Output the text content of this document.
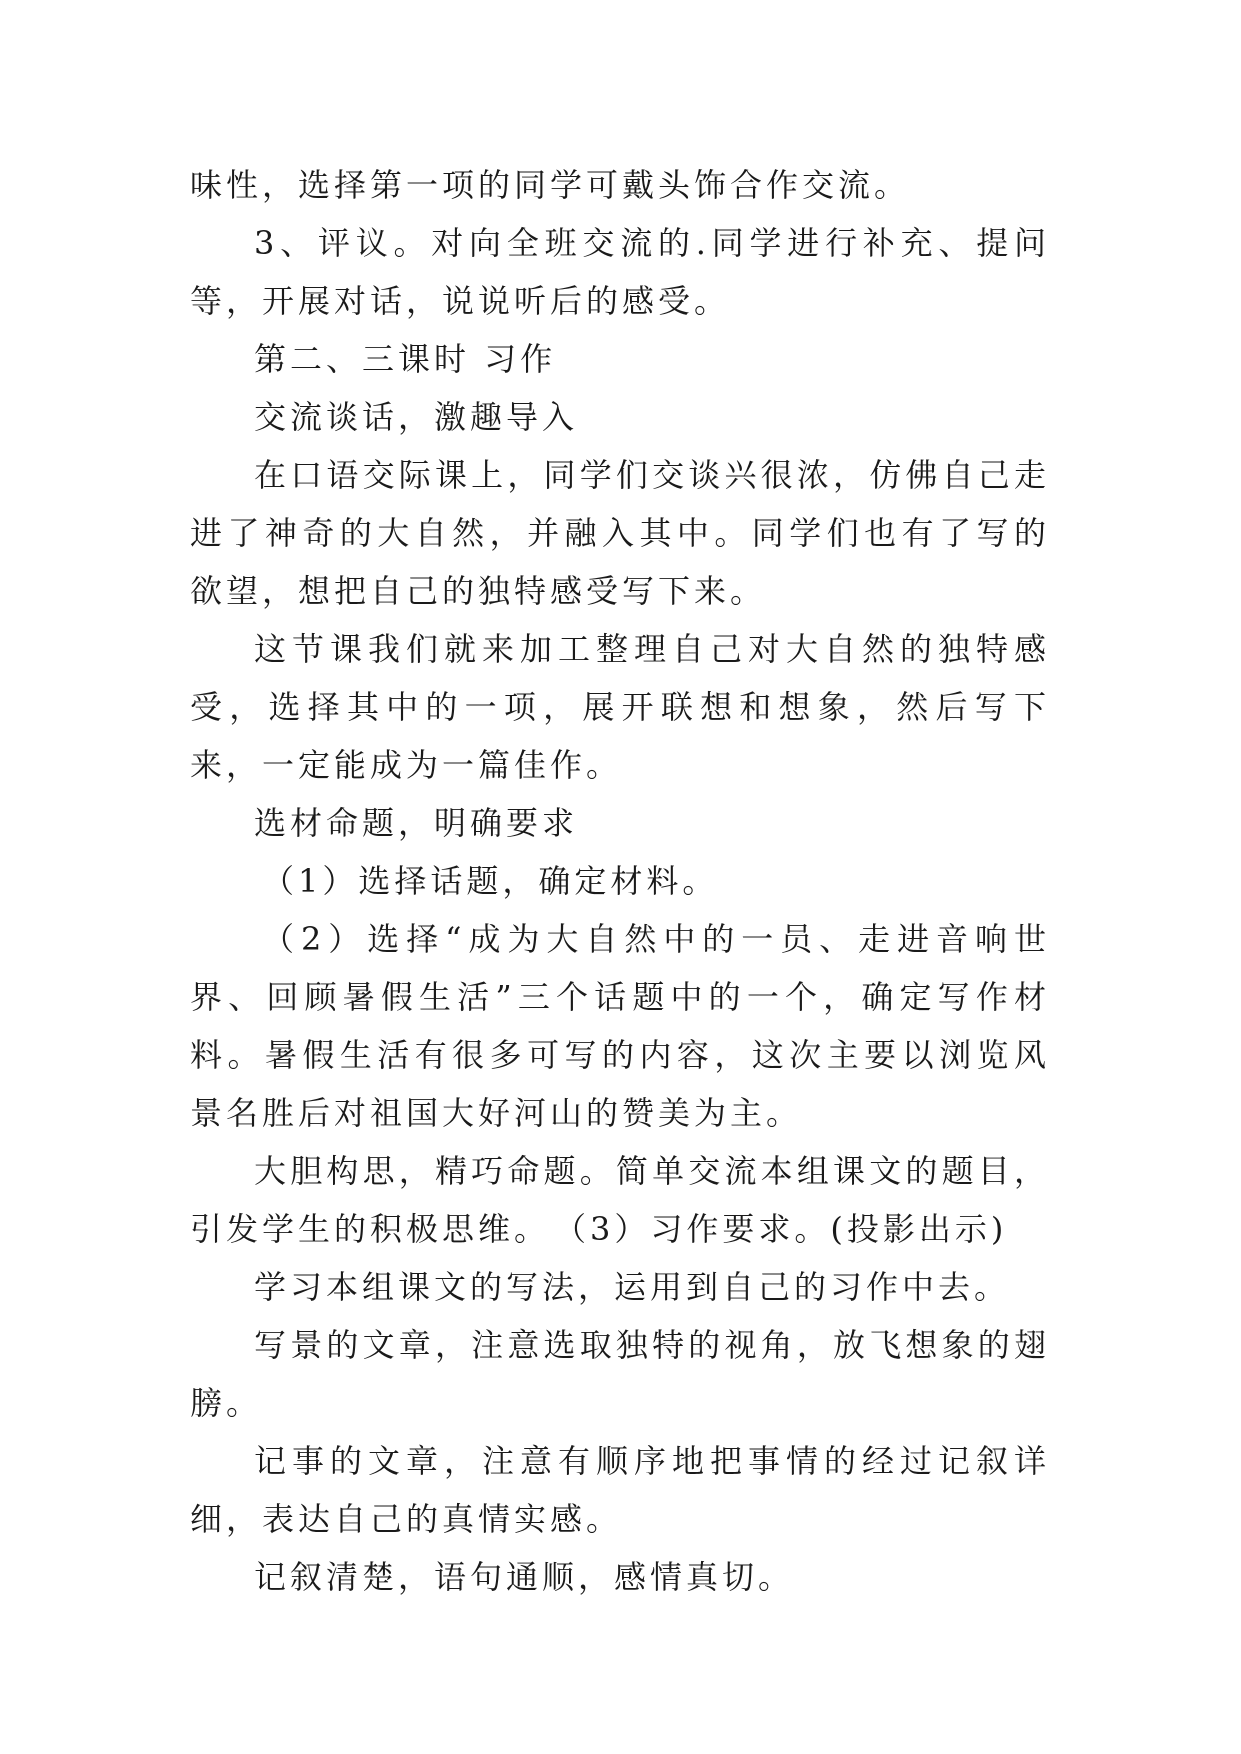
味性，选择第一项的同学可戴头饰合作交流。

3、评议。对向全班交流的.同学进行补充、提问等，开展对话，说说听后的感受。

第二、三课时 习作

交流谈话，激趣导入

在口语交际课上，同学们交谈兴很浓，仿佛自己走进了神奇的大自然，并融入其中。同学们也有了写的欲望，想把自己的独特感受写下来。

这节课我们就来加工整理自己对大自然的独特感受，选择其中的一项，展开联想和想象，然后写下来，一定能成为一篇佳作。

选材命题，明确要求

（1）选择话题，确定材料。

（2）选择“成为大自然中的一员、走进音响世界、回顾暑假生活”三个话题中的一个，确定写作材料。暑假生活有很多可写的内容，这次主要以浏览风景名胜后对祖国大好河山的赞美为主。

大胆构思，精巧命题。简单交流本组课文的题目，引发学生的积极思维。　（3）习作要求。(投影出示)

学习本组课文的写法，运用到自己的习作中去。

写景的文章，注意选取独特的视角，放飞想象的翅膀。

记事的文章，注意有顺序地把事情的经过记叙详细，表达自己的真情实感。

记叙清楚，语句通顺，感情真切。
